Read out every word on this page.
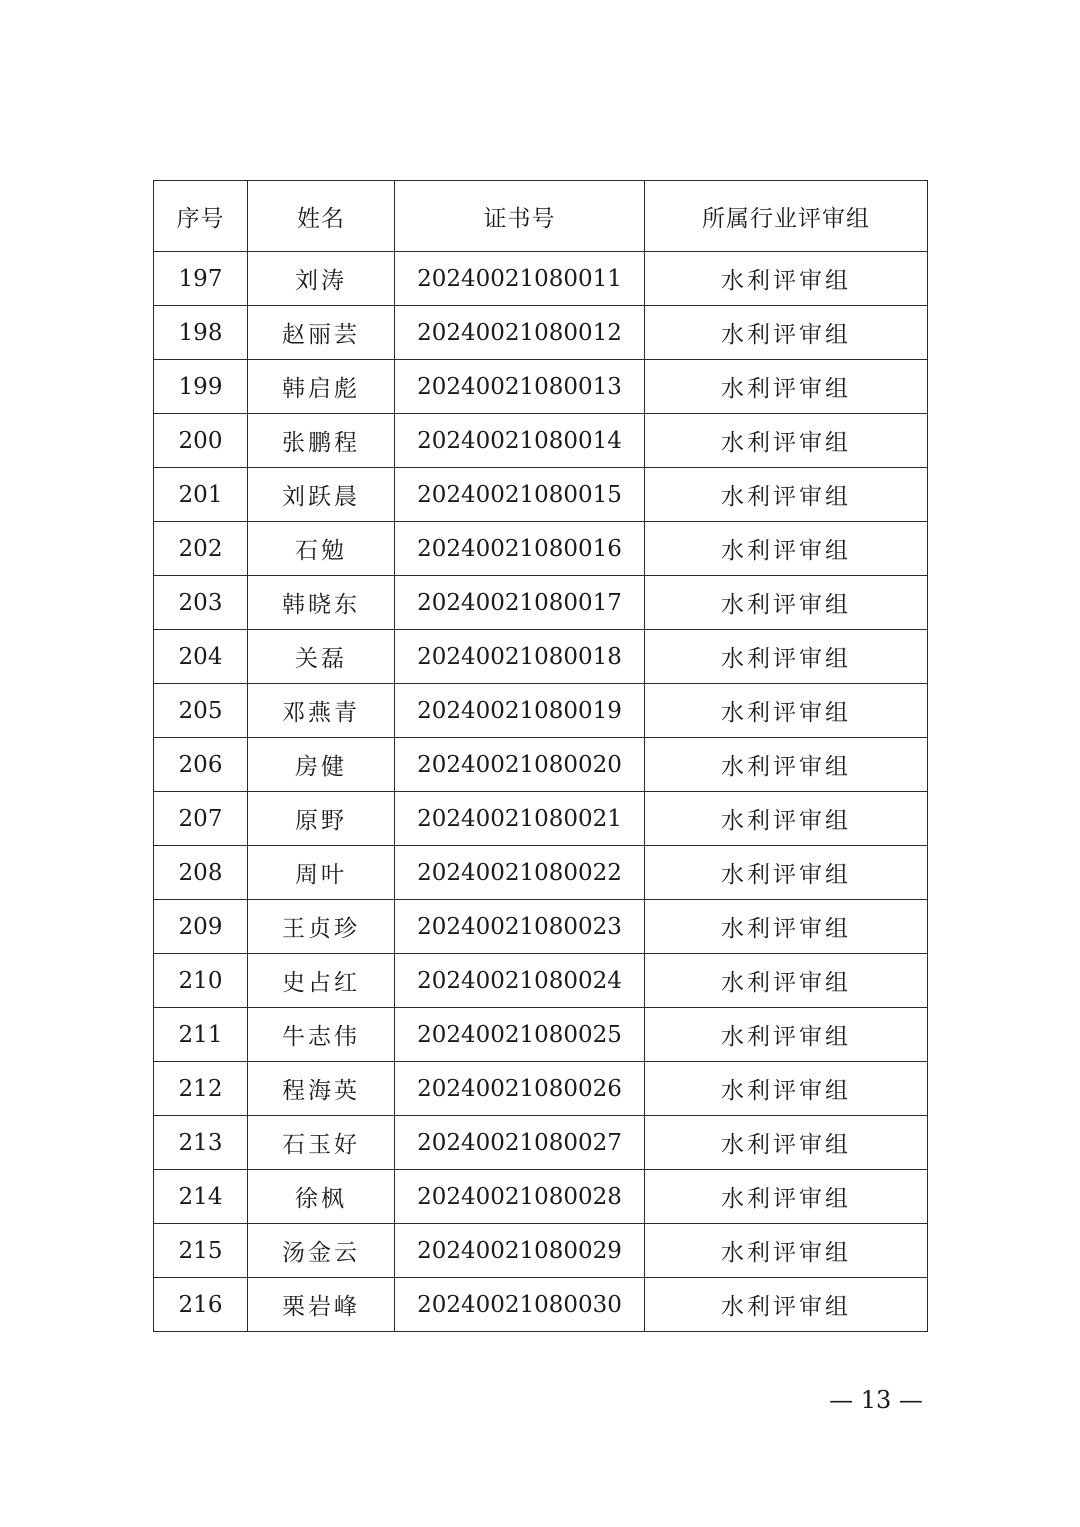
序号	姓名	证书号	所属行业评审组
197	刘涛	20240021080011	水利评审组
198	赵丽芸	20240021080012	水利评审组
199	韩启彪	20240021080013	水利评审组
200	张鹏程	20240021080014	水利评审组
201	刘跃晨	20240021080015	水利评审组
202	石勉	20240021080016	水利评审组
203	韩晓东	20240021080017	水利评审组
204	关磊	20240021080018	水利评审组
205	邓燕青	20240021080019	水利评审组
206	房健	20240021080020	水利评审组
207	原野	20240021080021	水利评审组
208	周叶	20240021080022	水利评审组
209	王贞珍	20240021080023	水利评审组
210	史占红	20240021080024	水利评审组
211	牛志伟	20240021080025	水利评审组
212	程海英	20240021080026	水利评审组
213	石玉好	20240021080027	水利评审组
214	徐枫	20240021080028	水利评审组
215	汤金云	20240021080029	水利评审组
216	栗岩峰	20240021080030	水利评审组
— 13 —
